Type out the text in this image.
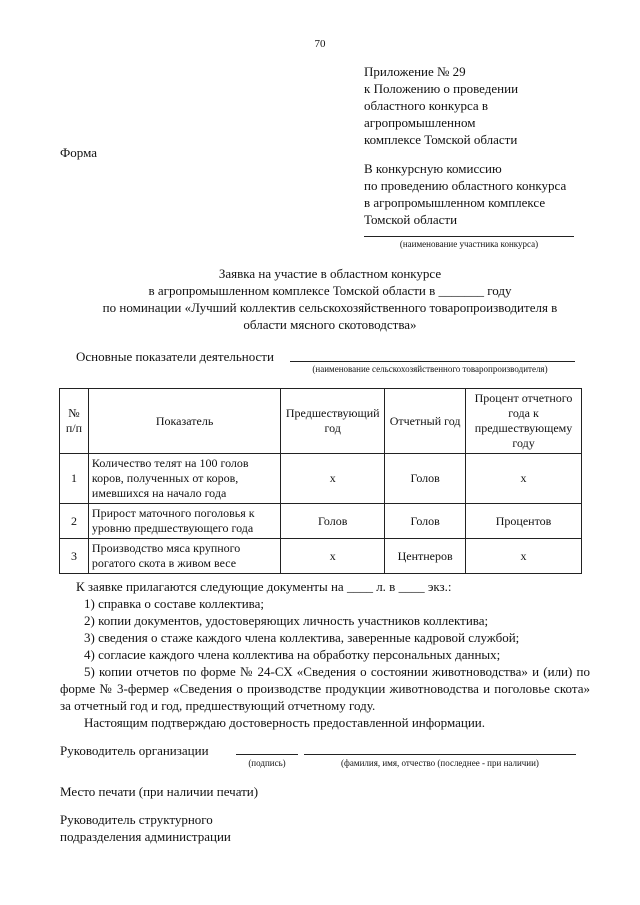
70
Приложение № 29
к Положению о проведении
областного конкурса в
агропромышленном
комплексе Томской области
Форма
В конкурсную комиссию
по проведению областного конкурса
в агропромышленном комплексе
Томской области
(наименование участника конкурса)
Заявка на участие в областном конкурсе
в агропромышленном комплексе Томской области в _______ году
по номинации «Лучший коллектив сельскохозяйственного товаропроизводителя в
области мясного скотоводства»
Основные показатели деятельности
(наименование сельскохозяйственного товаропроизводителя)
№ п/п	Показатель	Предшествующий год	Отчетный год	Процент отчетного года к предшествующему году
1	Количество телят на 100 голов коров, полученных от коров, имевшихся на начало года	х	Голов	х
2	Прирост маточного поголовья к уровню предшествующего года	Голов	Голов	Процентов
3	Производство мяса крупного рогатого скота в живом весе	х	Центнеров	х
К заявке прилагаются следующие документы на ____ л. в ____ экз.:
1) справка о составе коллектива;
2) копии документов, удостоверяющих личность участников коллектива;
3) сведения о стаже каждого члена коллектива, заверенные кадровой службой;
4) согласие каждого члена коллектива на обработку персональных данных;
5) копии отчетов по форме № 24-СХ «Сведения о состоянии животноводства» и (или) по форме № 3-фермер «Сведения о производстве продукции животноводства и поголовье скота» за отчетный год и год, предшествующий отчетному году.
Настоящим подтверждаю достоверность предоставленной информации.
Руководитель организации
(подпись)	(фамилия, имя, отчество (последнее - при наличии)
Место печати (при наличии печати)
Руководитель структурного
подразделения администрации
